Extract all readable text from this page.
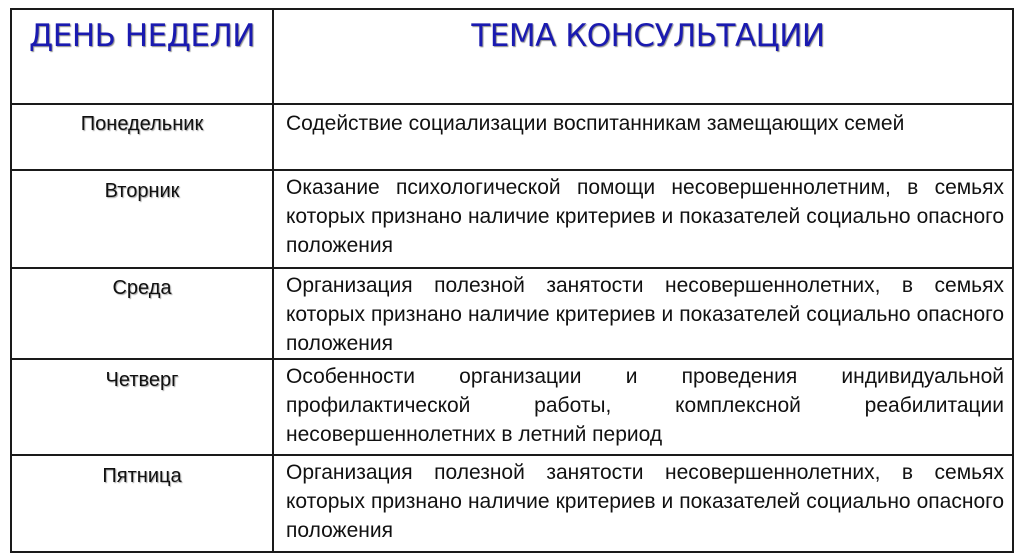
ДЕНЬ НЕДЕЛИ	ТЕМА КОНСУЛЬТАЦИИ

Понедельник	Содействие социализации воспитанникам замещающих семей

Вторник	Оказание психологической помощи несовершеннолетним, в семьях которых признано наличие критериев и показателей социально опасного положения

Среда	Организация полезной занятости несовершеннолетних, в семьях которых признано наличие критериев и показателей социально опасного положения

Четверг	Особенности организации и проведения индивидуальной профилактической работы, комплексной реабилитации несовершеннолетних в летний период

Пятница	Организация полезной занятости несовершеннолетних, в семьях которых признано наличие критериев и показателей социально опасного положения
